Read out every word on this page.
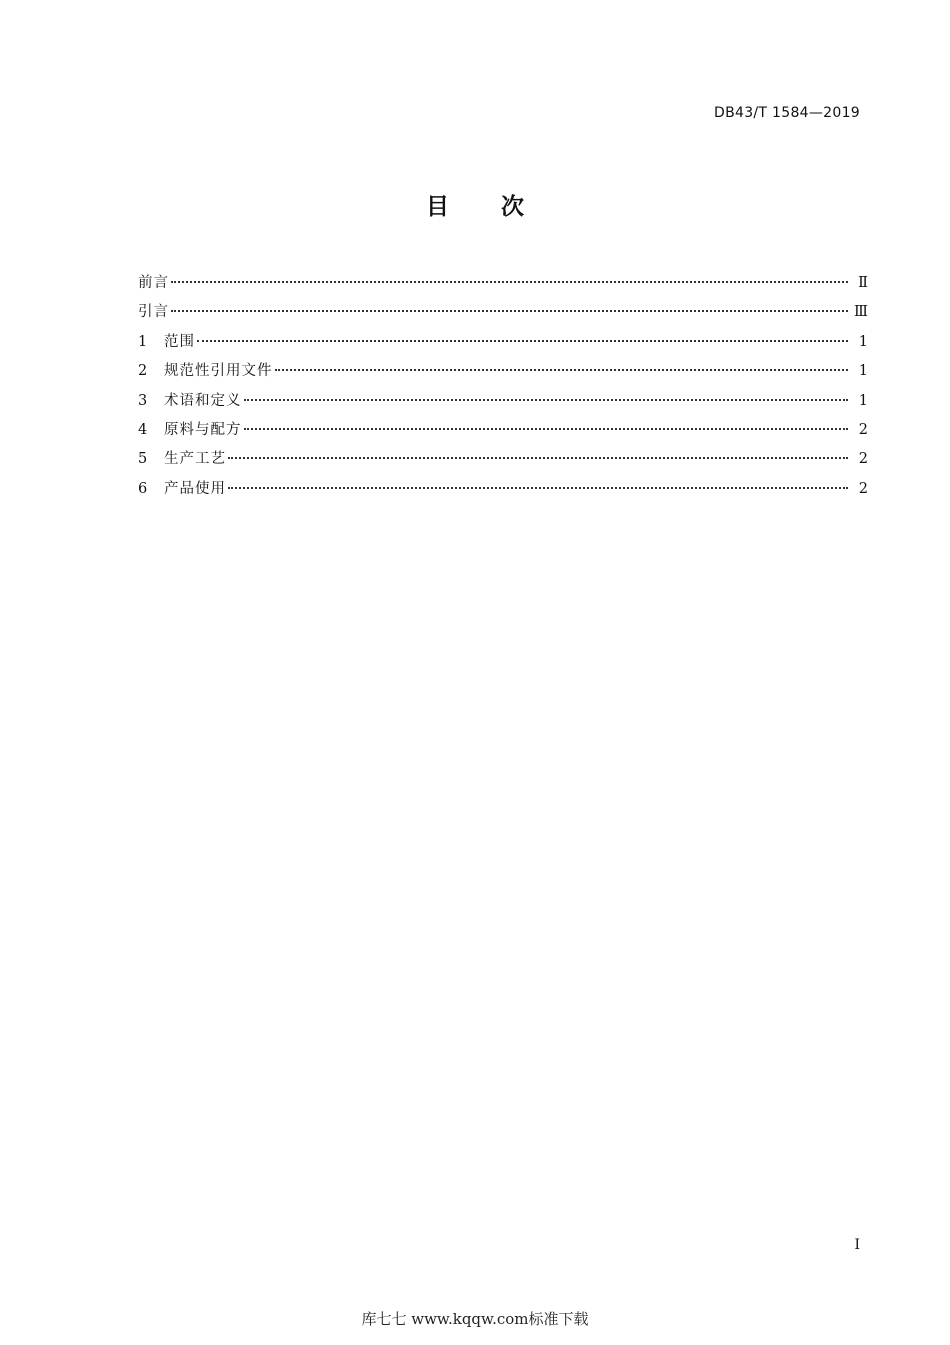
DB43/T 1584—2019
目 次
前言	Ⅱ
引言	Ⅲ
1	范围	1
2	规范性引用文件	1
3	术语和定义	1
4	原料与配方	2
5	生产工艺	2
6	产品使用	2
I
库七七 www.kqqw.com标准下载
